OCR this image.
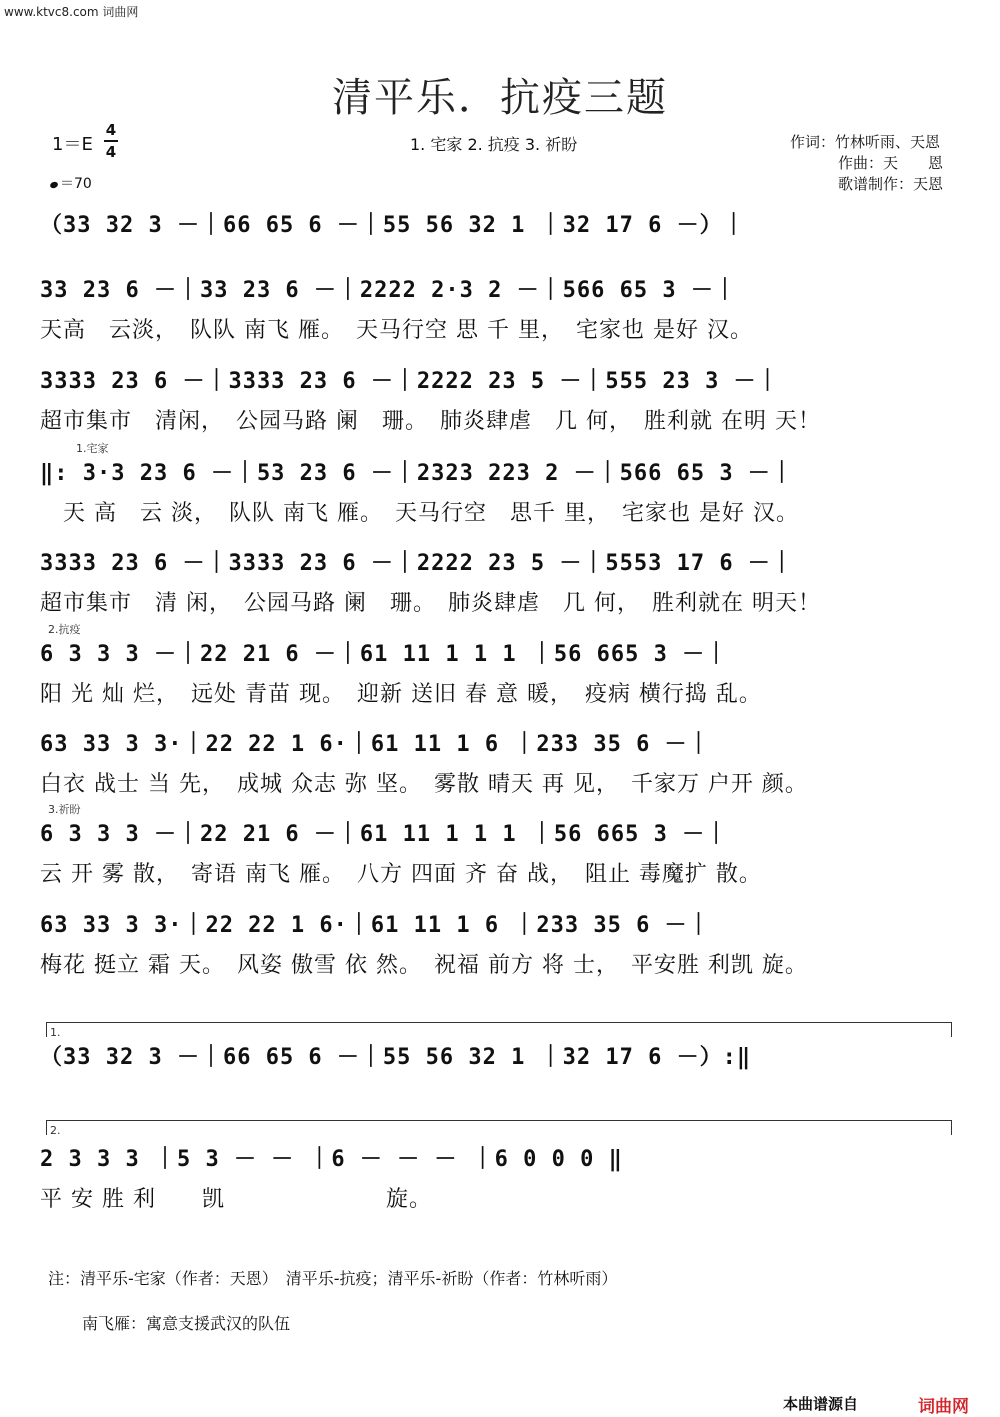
www.ktvc8.com 词曲网
清平乐．抗疫三题
1＝E
4
4
＝70
1. 宅家 2. 抗疫 3. 祈盼	作词：竹林听雨、天恩
作曲：天　　恩
歌谱制作：天恩
（33 32 3 －｜66 65 6 －｜55 56 32 1 ｜32 17 6 －）｜
33 23 6 －｜33 23 6 －｜2222 2·3 2 －｜566 65 3 －｜
天高　云淡，　队队 南飞 雁。　天马行空 思 千 里，　宅家也 是好 汉。
3333 23 6 －｜3333 23 6 －｜2222 23 5 －｜555 23 3 －｜
超市集市　清闲，　公园马路 阑　珊。　肺炎肆虐　几 何，　胜利就 在明 天！
1.宅家
‖: 3·3 23 6 －｜53 23 6 －｜2323 223 2 －｜566 65 3 －｜
　天 高　云 淡，　队队 南飞 雁。　天马行空　思千 里，　宅家也 是好 汉。
3333 23 6 －｜3333 23 6 －｜2222 23 5 －｜5553 17 6 －｜
超市集市　清 闲，　公园马路 阑　珊。　肺炎肆虐　几 何，　胜利就在 明天！
2.抗疫
6 3 3 3 －｜22 21 6 －｜61 11 1 1 1 ｜56 665 3 －｜
阳 光 灿 烂，　远处 青苗 现。　迎新 送旧 春 意 暖，　疫病 横行捣 乱。
63 33 3 3·｜22 22 1 6·｜61 11 1 6 ｜233 35 6 －｜
白衣 战士 当 先，　成城 众志 弥 坚。　雾散 晴天 再 见，　千家万 户开 颜。
3.祈盼
6 3 3 3 －｜22 21 6 －｜61 11 1 1 1 ｜56 665 3 －｜
云 开 雾 散，　寄语 南飞 雁。　八方 四面 齐 奋 战，　阻止 毒魔扩 散。
63 33 3 3·｜22 22 1 6·｜61 11 1 6 ｜233 35 6 －｜
梅花 挺立 霜 天。　风姿 傲雪 依 然。　祝福 前方 将 士，　平安胜 利凯 旋。
1.
（33 32 3 －｜66 65 6 －｜55 56 32 1 ｜32 17 6 －）:‖
2.
2 3 3 3 ｜5 3 － － ｜6 － － － ｜6 0 0 0 ‖
平 安 胜 利　　凯　　　　　　　旋。
注：清平乐-宅家（作者：天恩）　清平乐-抗疫；清平乐-祈盼（作者：竹林听雨）
南飞雁：寓意支援武汉的队伍
本曲谱源自	词曲网
